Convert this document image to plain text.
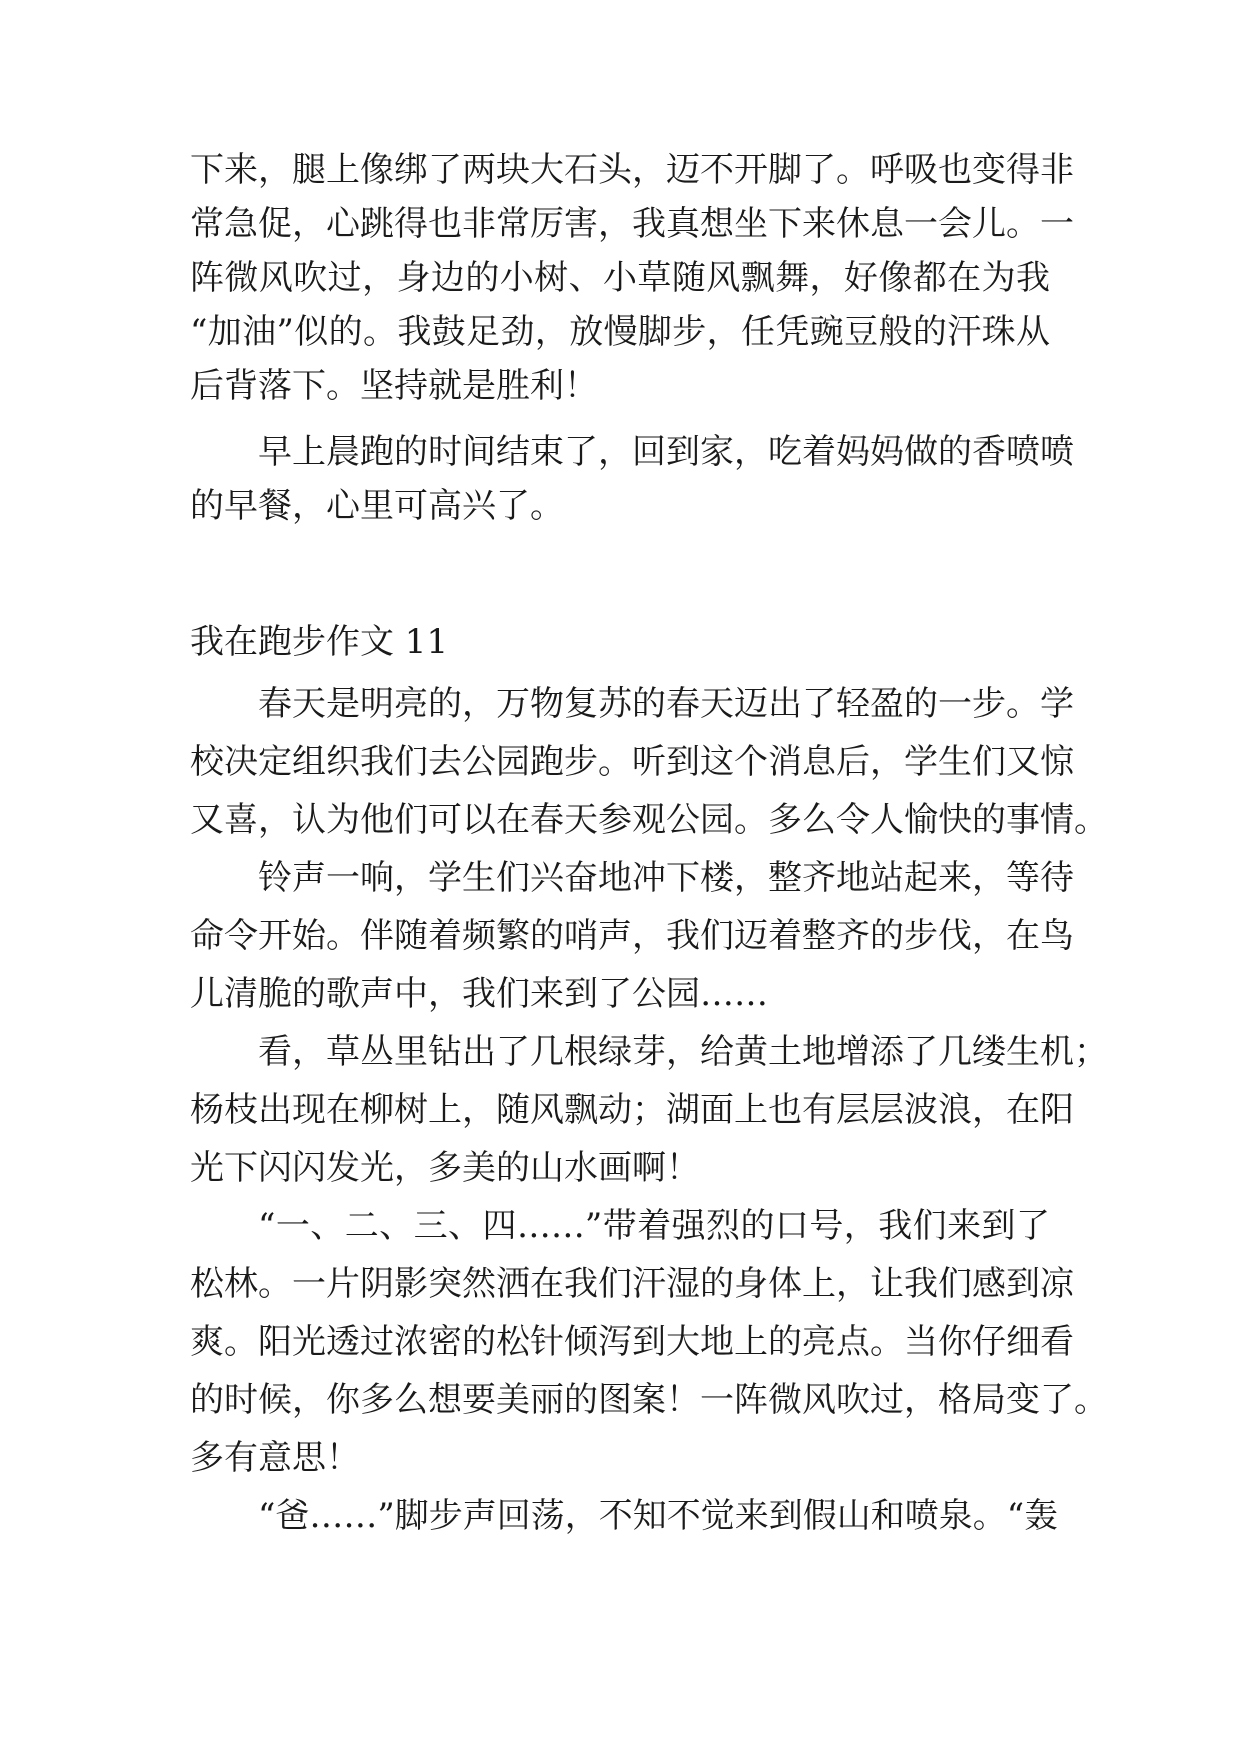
下来，腿上像绑了两块大石头，迈不开脚了。呼吸也变得非
常急促，心跳得也非常厉害，我真想坐下来休息一会儿。一
阵微风吹过，身边的小树、小草随风飘舞，好像都在为我
“加油”似的。我鼓足劲，放慢脚步，任凭豌豆般的汗珠从
后背落下。坚持就是胜利！
早上晨跑的时间结束了，回到家，吃着妈妈做的香喷喷
的早餐，心里可高兴了。
我在跑步作文 11
春天是明亮的，万物复苏的春天迈出了轻盈的一步。学
校决定组织我们去公园跑步。听到这个消息后，学生们又惊
又喜，认为他们可以在春天参观公园。多么令人愉快的事情。
铃声一响，学生们兴奋地冲下楼，整齐地站起来，等待
命令开始。伴随着频繁的哨声，我们迈着整齐的步伐，在鸟
儿清脆的歌声中，我们来到了公园……
看，草丛里钻出了几根绿芽，给黄土地增添了几缕生机；
杨枝出现在柳树上，随风飘动；湖面上也有层层波浪，在阳
光下闪闪发光，多美的山水画啊！
“一、二、三、四……”带着强烈的口号，我们来到了
松林。一片阴影突然洒在我们汗湿的身体上，让我们感到凉
爽。阳光透过浓密的松针倾泻到大地上的亮点。当你仔细看
的时候，你多么想要美丽的图案！一阵微风吹过，格局变了。
多有意思！
“爸……”脚步声回荡，不知不觉来到假山和喷泉。“轰
